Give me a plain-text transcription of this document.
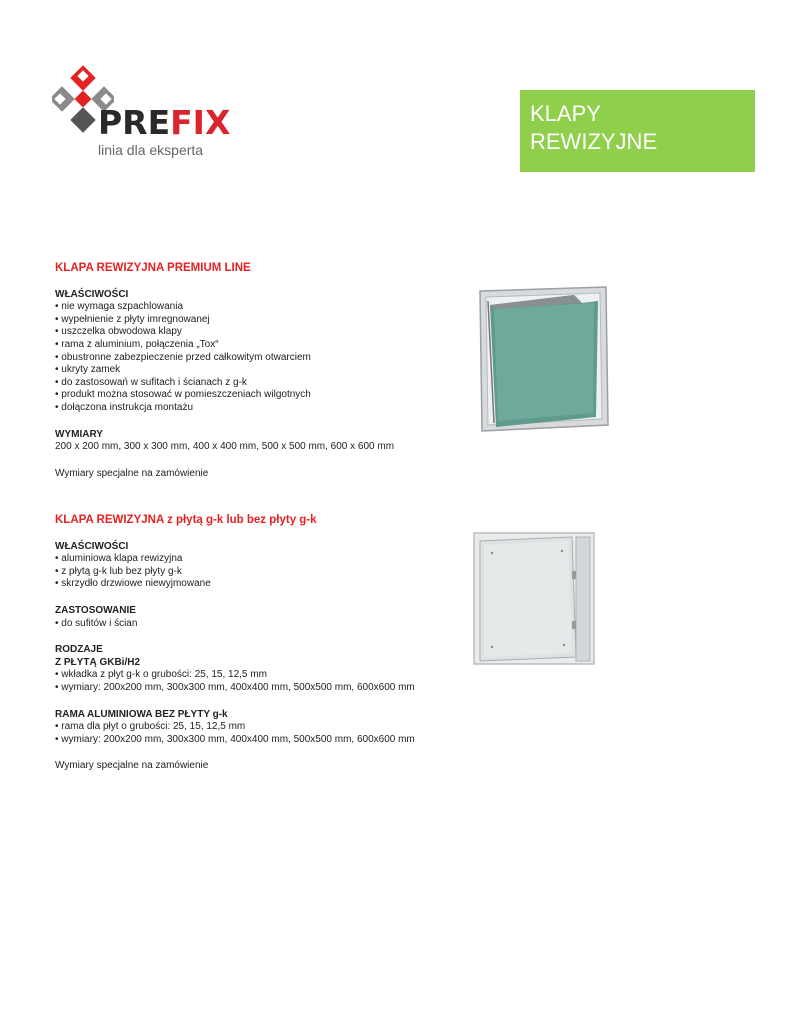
PREFIX
linia dla eksperta
KLAPY
REWIZYJNE
KLAPA REWIZYJNA PREMIUM LINE
WŁAŚCIWOŚCI
• nie wymaga szpachlowania
• wypełnienie z płyty imregnowanej
• uszczelka obwodowa klapy
• rama z aluminium, połączenia „Tox“
• obustronne zabezpieczenie przed całkowitym otwarciem
• ukryty zamek
• do zastosowań w sufitach i ścianach z g-k
• produkt można stosować w pomieszczeniach wilgotnych
• dołączona instrukcja montażu
WYMIARY
200 x 200 mm, 300 x 300 mm, 400 x 400 mm, 500 x 500 mm, 600 x 600 mm
Wymiary specjalne na zamówienie
KLAPA REWIZYJNA z płytą g-k lub bez płyty g-k
WŁAŚCIWOŚCI
• aluminiowa klapa rewizyjna
• z płytą g-k lub bez płyty g-k
• skrzydło drzwiowe niewyjmowane
ZASTOSOWANIE
• do sufitów i ścian
RODZAJE
Z PŁYTĄ GKBi/H2
• wkładka z płyt g-k o grubości: 25, 15, 12,5 mm
• wymiary: 200x200 mm, 300x300 mm, 400x400 mm, 500x500 mm, 600x600 mm
RAMA ALUMINIOWA BEZ PŁYTY g-k
• rama dla płyt o grubości: 25, 15, 12,5 mm
• wymiary: 200x200 mm, 300x300 mm, 400x400 mm, 500x500 mm, 600x600 mm
Wymiary specjalne na zamówienie
